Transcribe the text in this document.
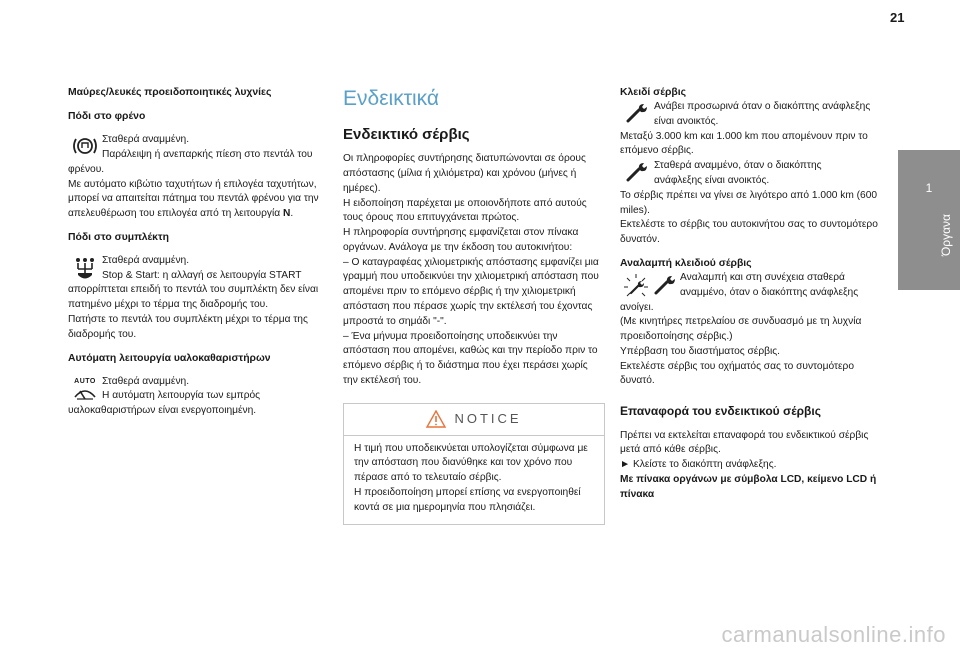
21
1
Όργανα
Μαύρες/λευκές προειδοποιητικές λυχνίες
Πόδι στο φρένο

Σταθερά αναμμένη.

Παράλειψη ή ανεπαρκής πίεση στο πεντάλ του

φρένου.

Με αυτόματο κιβώτιο ταχυτήτων ή επιλογέα ταχυτήτων, μπορεί να απαιτείται πάτημα του πεντάλ φρένου για την απελευθέρωση του επιλογέα από τη λειτουργία N.

Πόδι στο συμπλέκτη

Σταθερά αναμμένη.

Stop & Start: η αλλαγή σε λειτουργία START

απορρίπτεται επειδή το πεντάλ του συμπλέκτη δεν είναι πατημένο μέχρι το τέρμα της διαδρομής του.

Πατήστε το πεντάλ του συμπλέκτη μέχρι το τέρμα της διαδρομής του.

Αυτόματη λειτουργία υαλοκαθαριστήρων
AUTO Σταθερά αναμμένη.

Η αυτόματη λειτουργία των εμπρός

υαλοκαθαριστήρων είναι ενεργοποιημένη.

Ενδεικτικά
Ενδεικτικό σέρβις

Οι πληροφορίες συντήρησης διατυπώνονται σε όρους απόστασης (μίλια ή χιλιόμετρα) και χρόνου (μήνες ή ημέρες).

Η ειδοποίηση παρέχεται με οποιονδήποτε από αυτούς τους όρους που επιτυγχάνεται πρώτος.

Η πληροφορία συντήρησης εμφανίζεται στον πίνακα οργάνων. Ανάλογα με την έκδοση του αυτοκινήτου:

– Ο καταγραφέας χιλιομετρικής απόστασης εμφανίζει μια γραμμή που υποδεικνύει την χιλιομετρική απόσταση που απομένει πριν το επόμενο σέρβις ή την χιλιομετρική απόσταση που πέρασε χωρίς την εκτέλεσή του έχοντας μπροστά το σημάδι "-".

– Ένα μήνυμα προειδοποίησης υποδεικνύει την απόσταση που απομένει, καθώς και την περίοδο πριν το επόμενο σέρβις ή το διάστημα που έχει περάσει χωρίς την εκτέλεσή του.

NOTICE

Η τιμή που υποδεικνύεται υπολογίζεται σύμφωνα με την απόσταση που διανύθηκε και τον χρόνο που πέρασε από το τελευταίο σέρβις.

Η προειδοποίηση μπορεί επίσης να ενεργοποιηθεί κοντά σε μια ημερομηνία που πλησιάζει.

Κλειδί σέρβις

Ανάβει προσωρινά όταν ο διακόπτης ανάφλεξης

είναι ανοικτός.

Μεταξύ 3.000 km και 1.000 km που απομένουν πριν το επόμενο σέρβις.

Σταθερά αναμμένο, όταν ο διακόπτης

ανάφλεξης είναι ανοικτός.

Το σέρβις πρέπει να γίνει σε λιγότερο από 1.000 km (600 miles).

Εκτελέστε το σέρβις του αυτοκινήτου σας το συντομότερο δυνατόν.

Αναλαμπή κλειδιού σέρβις

Αναλαμπή και στη συνέχεια σταθερά

αναμμένο, όταν ο διακόπτης ανάφλεξης

ανοίγει.

(Με κινητήρες πετρελαίου σε συνδυασμό με τη λυχνία προειδοποίησης σέρβις.)

Υπέρβαση του διαστήματος σέρβις.

Εκτελέστε σέρβις του οχήματός σας το συντομότερο δυνατό.

Επαναφορά του ενδεικτικού σέρβις

Πρέπει να εκτελείται επαναφορά του ενδεικτικού σέρβις μετά από κάθε σέρβις.

► Κλείστε το διακόπτη ανάφλεξης.

Με πίνακα οργάνων με σύμβολα LCD, κείμενο LCD ή πίνακα

carmanualsonline.info
